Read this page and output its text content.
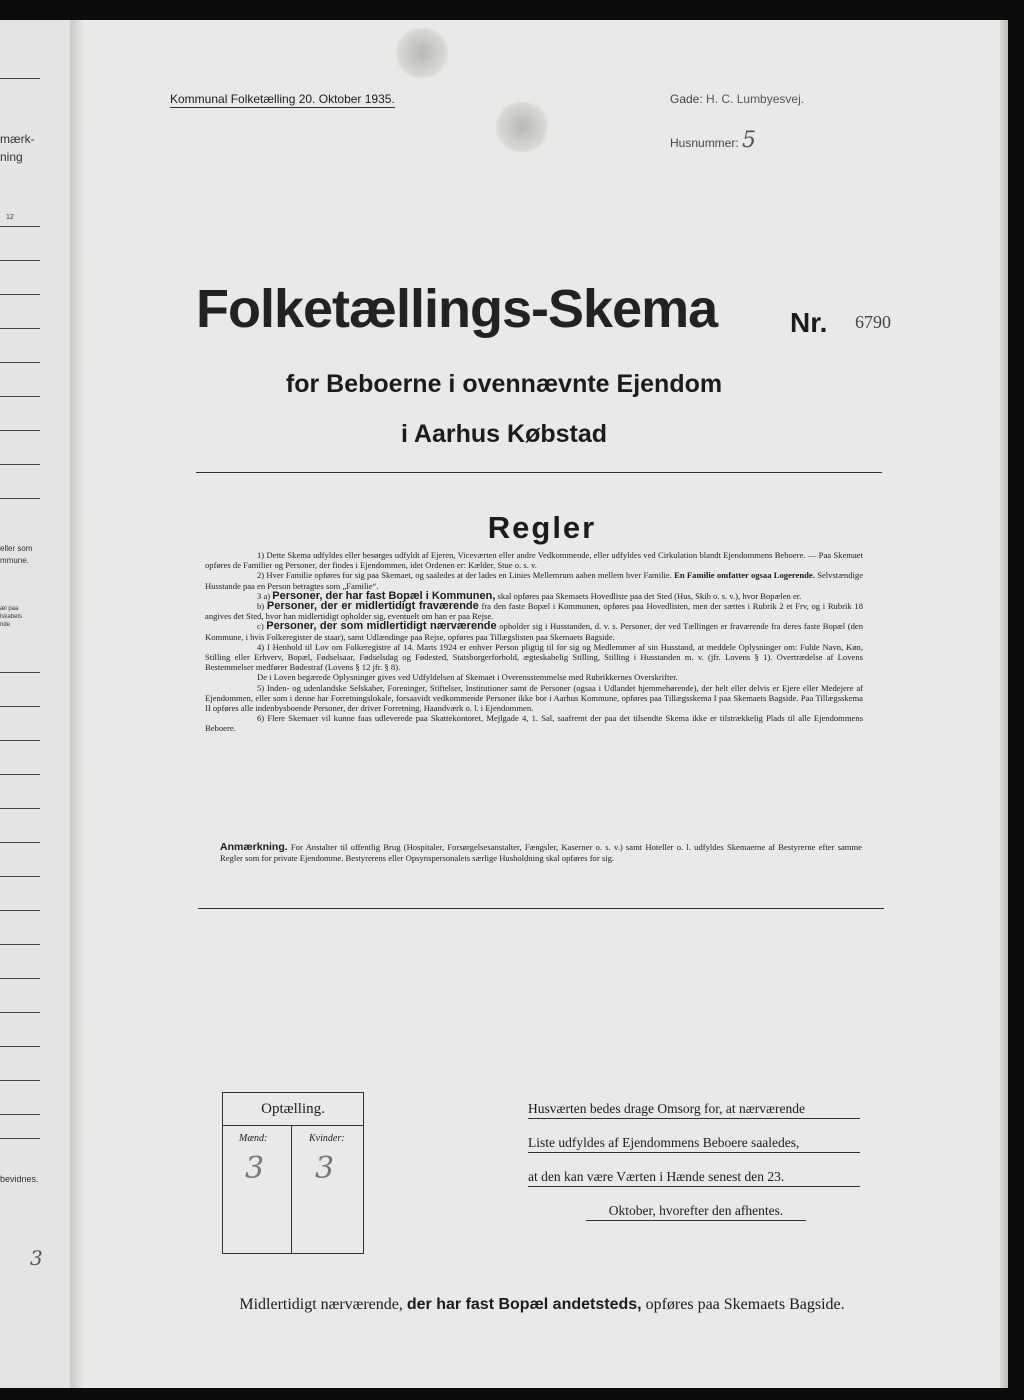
mærk-
ning
12
eller som
mmune.
æl paa
lskabets
nde
bevidnes.
3
Kommunal Folketælling 20. Oktober 1935.	Gade: H. C. Lumbyesvej.
Husnummer: 5
Folketællings-Skema	Nr. 6790
for Beboerne i ovennævnte Ejendom
i Aarhus Købstad
Regler

1) Dette Skema udfyldes eller besørges udfyldt af Ejeren, Viceværten eller andre Vedkommende, eller udfyldes ved Cirkulation blandt Ejendommens Beboere. — Paa Skemaet opføres de Familier og Personer, der findes i Ejendommen, idet Ordenen er: Kælder, Stue o. s. v.

2) Hver Familie opføres for sig paa Skemaet, og saaledes at der lades en Linies Mellemrum aaben mellem hver Familie. En Familie omfatter ogsaa Logerende. Selvstændige Husstande paa en Person betragtes som „Familie“.

3 a) Personer, der har fast Bopæl i Kommunen, skal opføres paa Skemaets Hovedliste paa det Sted (Hus, Skib o. s. v.), hvor Bopælen er.

b) Personer, der er midlertidigt fraværende fra den faste Bopæl i Kommunen, opføres paa Hovedlisten, men der sættes i Rubrik 2 et Frv, og i Rubrik 18 angives det Sted, hvor han midlertidigt opholder sig, eventuelt om han er paa Rejse.

c) Personer, der som midlertidigt nærværende opholder sig i Husstanden, d. v. s. Personer, der ved Tællingen er fraværende fra deres faste Bopæl (den Kommune, i hvis Folkeregister de staar), samt Udlændinge paa Rejse, opføres paa Tillægslisten paa Skemaets Bagside.

4) I Henhold til Lov om Folkeregistre af 14. Marts 1924 er enhver Person pligtig til for sig og Medlemmer af sin Husstand, at meddele Oplysninger om: Fulde Navn, Køn, Stilling eller Erhverv, Bopæl, Fødselsaar, Fødselsdag og Fødested, Statsborgerforhold, ægteskabelig Stilling, Stilling i Husstanden m. v. (jfr. Lovens § 1). Overtrædelse af Lovens Bestemmelser medfører Bødestraf (Lovens § 12 jfr. § 8).

De i Loven begærede Oplysninger gives ved Udfyldelsen af Skemaet i Overensstemmelse med Rubrikkernes Overskrifter.

5) Inden- og udenlandske Selskaber, Foreninger, Stiftelser, Institutioner samt de Personer (ogsaa i Udlandet hjemmehørende), der helt eller delvis er Ejere eller Medejere af Ejendommen, eller som i denne har Forretningslokale, forsaavidt vedkommende Personer ikke bor i Aarhus Kommune, opføres paa Tillægsskema I paa Skemaets Bagside. Paa Tillægsskema II opføres alle indenbysboende Personer, der driver Forretning, Haandværk o. l. i Ejendommen.

6) Flere Skemaer vil kunne faas udleverede paa Skattekontoret, Mejlgade 4, 1. Sal, saafremt der paa det tilsendte Skema ikke er tilstrækkelig Plads til alle Ejendommens Beboere.

Anmærkning. For Anstalter til offentlig Brug (Hospitaler, Forsørgelsesanstalter, Fængsler, Kaserner o. s. v.) samt Hoteller o. l. udfyldes Skemaerne af Bestyrerne efter samme Regler som for private Ejendomme. Bestyrerens eller Opsynspersonalets særlige Husholdning skal opføres for sig.
Optælling.
Mænd:	Kvinder:
3 3
Husværten bedes drage Omsorg for, at nærværende
Liste udfyldes af Ejendommens Beboere saaledes,
at den kan være Værten i Hænde senest den 23.
Oktober, hvorefter den afhentes.
Midlertidigt nærværende, der har fast Bopæl andetsteds, opføres paa Skemaets Bagside.
